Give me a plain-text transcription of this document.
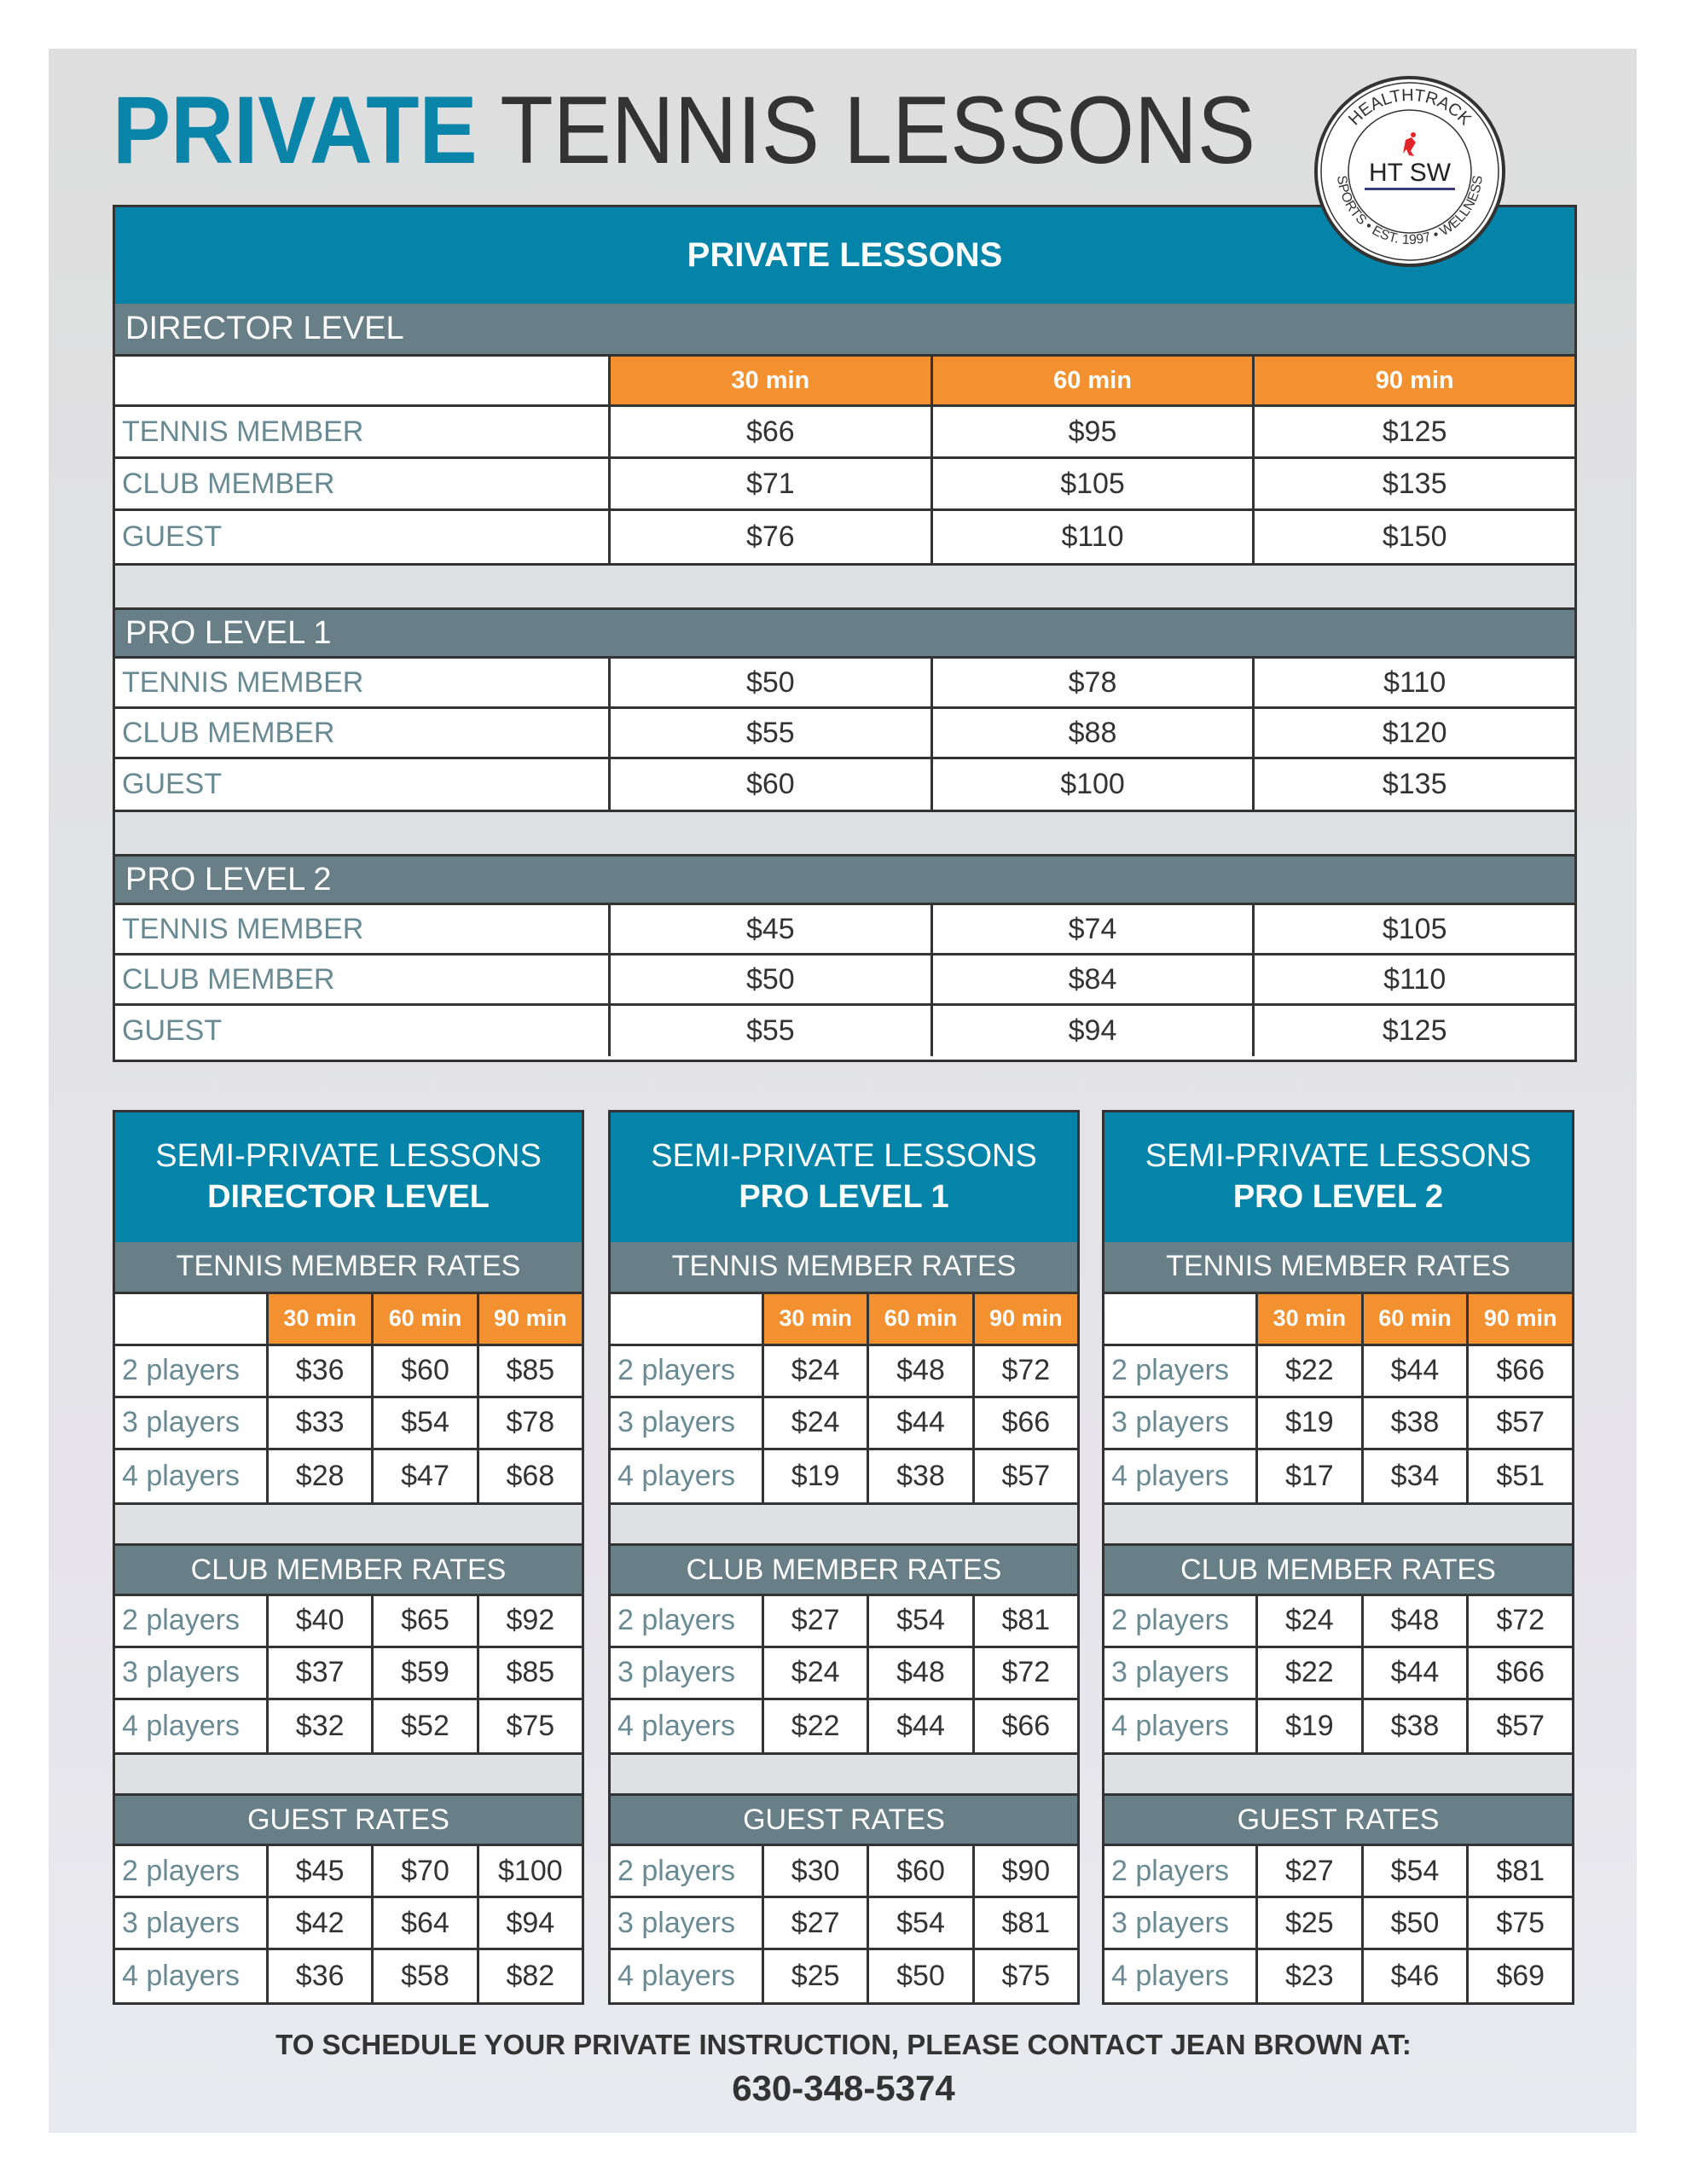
PRIVATE TENNIS LESSONS	HEALTHTRACK
SPORTS • EST. 1997 • WELLNESS
HT SW
PRIVATE LESSONS
DIRECTOR LEVEL
30 min	60 min	90 min
TENNIS MEMBER	$66	$95	$125
CLUB MEMBER	$71	$105	$135
GUEST	$76	$110	$150
PRO LEVEL 1
TENNIS MEMBER	$50	$78	$110
CLUB MEMBER	$55	$88	$120
GUEST	$60	$100	$135
PRO LEVEL 2
TENNIS MEMBER	$45	$74	$105
CLUB MEMBER	$50	$84	$110
GUEST	$55	$94	$125
SEMI-PRIVATE LESSONS
DIRECTOR LEVEL
TENNIS MEMBER RATES
30 min	60 min	90 min
2 players	$36	$60	$85
3 players	$33	$54	$78
4 players	$28	$47	$68
CLUB MEMBER RATES
2 players	$40	$65	$92
3 players	$37	$59	$85
4 players	$32	$52	$75
GUEST RATES
2 players	$45	$70	$100
3 players	$42	$64	$94
4 players	$36	$58	$82
SEMI-PRIVATE LESSONS
PRO LEVEL 1
TENNIS MEMBER RATES
30 min	60 min	90 min
2 players	$24	$48	$72
3 players	$24	$44	$66
4 players	$19	$38	$57
CLUB MEMBER RATES
2 players	$27	$54	$81
3 players	$24	$48	$72
4 players	$22	$44	$66
GUEST RATES
2 players	$30	$60	$90
3 players	$27	$54	$81
4 players	$25	$50	$75
SEMI-PRIVATE LESSONS
PRO LEVEL 2
TENNIS MEMBER RATES
30 min	60 min	90 min
2 players	$22	$44	$66
3 players	$19	$38	$57
4 players	$17	$34	$51
CLUB MEMBER RATES
2 players	$24	$48	$72
3 players	$22	$44	$66
4 players	$19	$38	$57
GUEST RATES
2 players	$27	$54	$81
3 players	$25	$50	$75
4 players	$23	$46	$69
TO SCHEDULE YOUR PRIVATE INSTRUCTION, PLEASE CONTACT JEAN BROWN AT:
630-348-5374
